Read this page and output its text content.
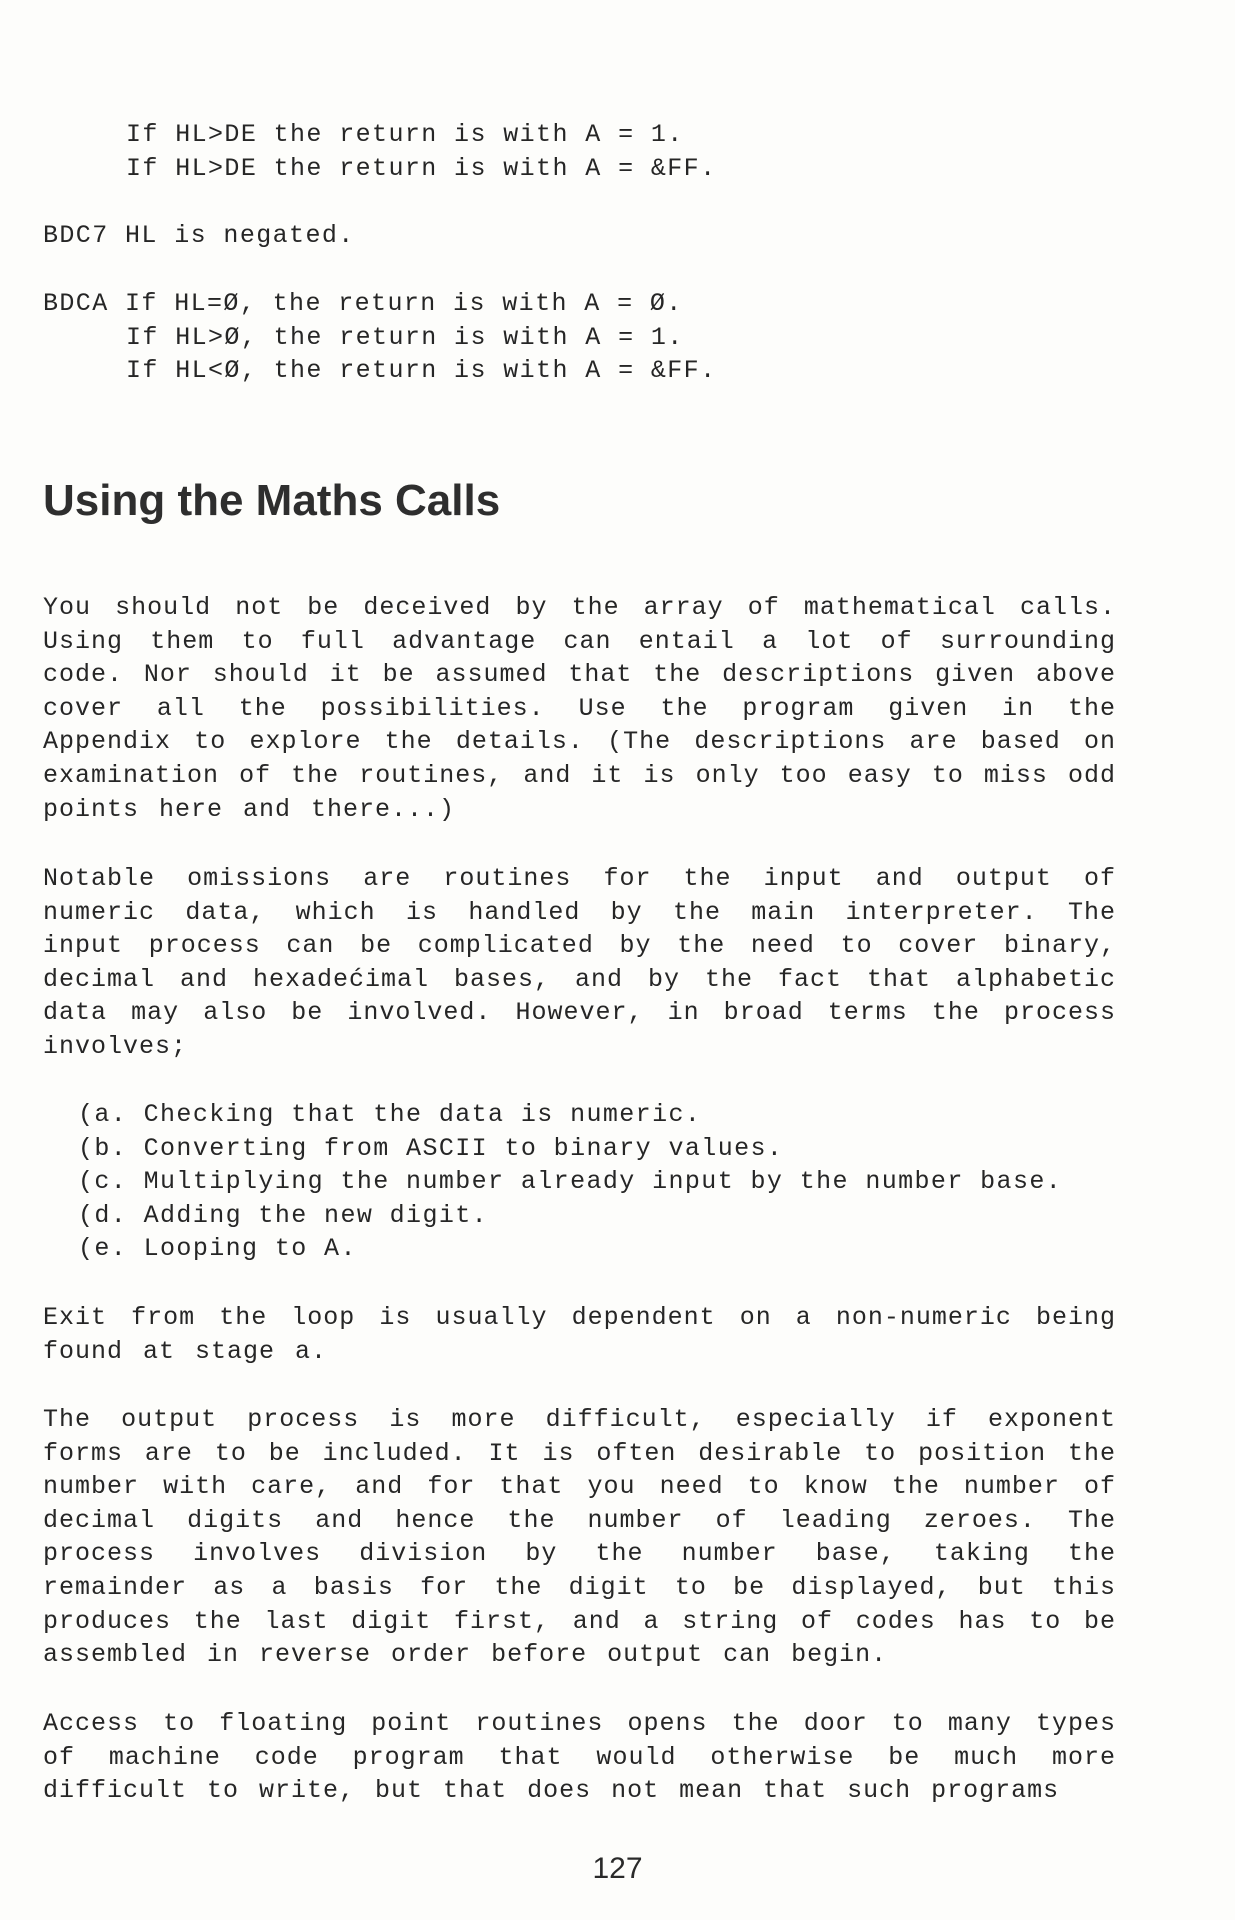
If HL>DE the return is with A = 1.

If HL>DE the return is with A = &FF.

BDC7 HL is negated.

BDCA If HL=Ø, the return is with A = Ø.

If HL>Ø, the return is with A = 1.

If HL<Ø, the return is with A = &FF.

Using the Maths Calls

You should not be deceived by the array of mathematical calls. Using them to full advantage can entail a lot of surrounding code. Nor should it be assumed that the descriptions given above cover all the possibilities. Use the program given in the Appendix to explore the details. (The descriptions are based on examination of the routines, and it is only too easy to miss odd points here and there...)

Notable omissions are routines for the input and output of numeric data, which is handled by the main interpreter. The input process can be complicated by the need to cover binary, decimal and hexadećimal bases, and by the fact that alphabetic data may also be involved. However, in broad terms the process involves;

(a. Checking that the data is numeric.
(b. Converting from ASCII to binary values.
(c. Multiplying the number already input by the number base.
(d. Adding the new digit.
(e. Looping to A.

Exit from the loop is usually dependent on a non-numeric being found at stage a.

The output process is more difficult, especially if exponent forms are to be included. It is often desirable to position the number with care, and for that you need to know the number of decimal digits and hence the number of leading zeroes. The process involves division by the number base, taking the remainder as a basis for the digit to be displayed, but this produces the last digit first, and a string of codes has to be assembled in reverse order before output can begin.

Access to floating point routines opens the door to many types of machine code program that would otherwise be much more difficult to write, but that does not mean that such programs

127
